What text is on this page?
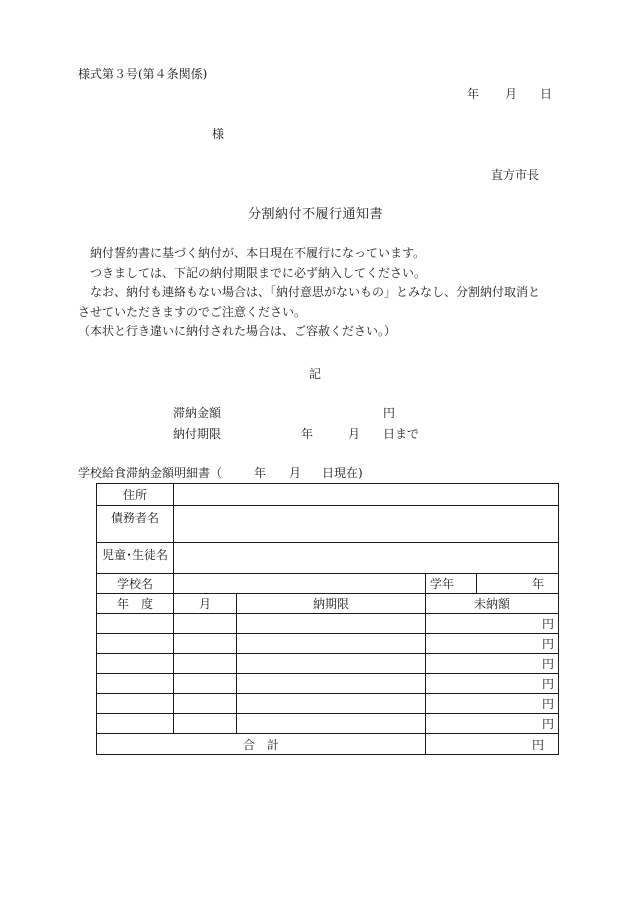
様式第３号(第４条関係)
年 月 日
様
直方市長
分割納付不履行通知書

納付誓約書に基づく納付が、本日現在不履行になっています。

つきましては、下記の納付期限までに必ず納入してください。

なお、納付も連絡もない場合は、「納付意思がないもの」とみなし、分割納付取消と

させていただきますのでご注意ください。

（本状と行き違いに納付された場合は、ご容赦ください。）

記
滞納金額	円
納付期限	年	月 日まで
学校給食滞納金額明細書（	年 月 日現在)
住所				
債務者名				
児童･生徒名				
学校名			学年	年
年　度	月	納期限	未納額	
			円	
			円	
			円	
			円	
			円	
			円	
合　計			円	
